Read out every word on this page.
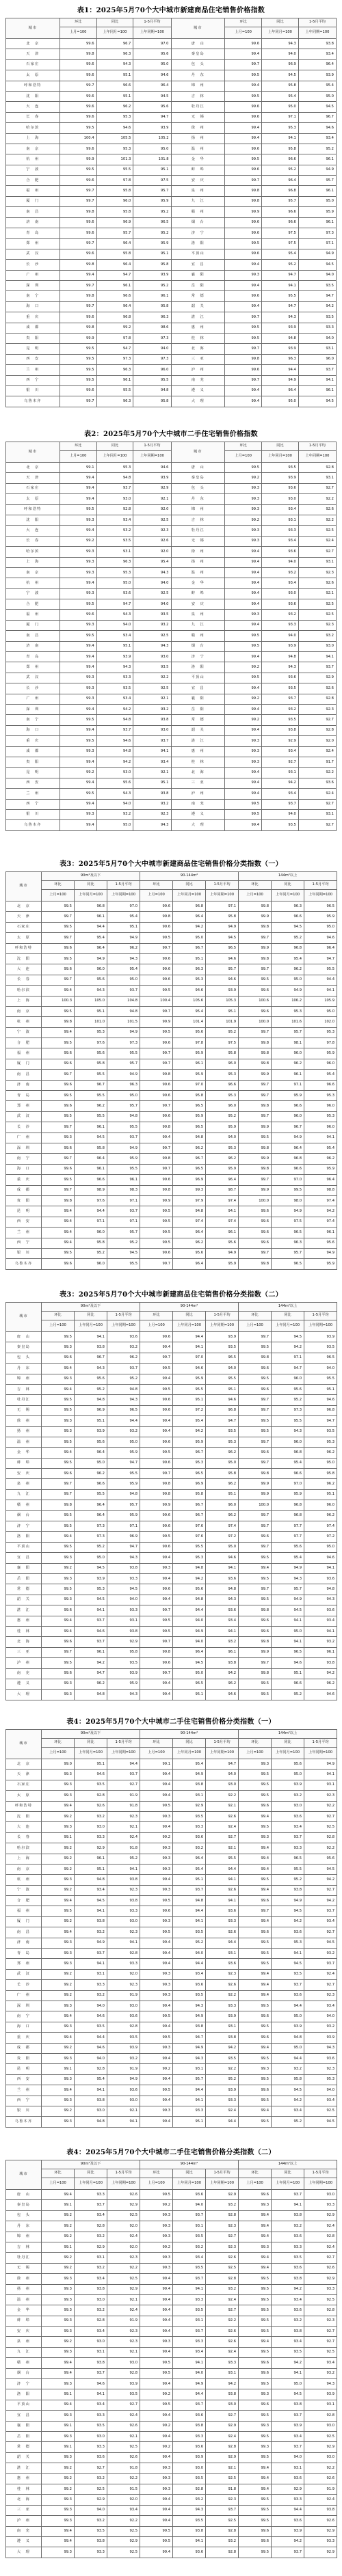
表1：2025年5月70个大中城市新建商品住宅销售价格指数
城市	环比	同比	1-5月平均	城市	环比	同比	1-5月平均
	上月=100	上年同月=100	上年同期=100		上月=100	上年同月=100	上年同期=100
北　京	99.6	96.7	97.0	唐　山	99.6	94.3	93.8
天　津	99.8	96.3	95.6	秦皇岛	99.4	94.0	93.4
石家庄	99.6	94.3	95.0	包　头	99.7	96.9	96.4
太　原	99.6	95.1	94.6	丹　东	99.5	94.5	93.9
呼和浩特	99.7	96.6	96.4	锦　州	99.4	95.8	95.4
沈　阳	99.6	95.1	94.5	吉　林	99.5	95.4	95.0
大　连	99.6	96.2	95.6	牡丹江	99.6	95.0	94.5
长　春	99.6	95.3	94.7	无　锡	99.6	97.1	96.7
哈尔滨	99.5	94.6	93.9	徐　州	99.4	95.3	94.6
上　海	100.4	105.5	105.2	扬　州	99.4	94.1	93.4
南　京	99.6	95.3	95.0	温　州	99.6	95.8	95.2
杭　州	99.9	101.3	101.8	金　华	99.5	96.6	96.1
宁　波	99.5	95.5	95.1	蚌　埠	99.6	95.2	94.9
合　肥	99.6	97.8	97.5	安　庆	99.7	96.4	95.7
福　州	99.7	95.8	95.7	泉　州	99.8	96.8	96.1
厦　门	99.7	96.0	95.9	九　江	99.8	95.7	95.0
南　昌	99.8	95.8	95.2	赣　州	99.9	96.6	95.9
济　南	99.6	96.9	96.5	烟　台	99.6	96.6	96.1
青　岛	99.6	95.7	95.2	济　宁	99.6	97.5	97.3
郑　州	99.7	96.4	95.9	洛　阳	99.5	97.5	97.1
武　汉	99.6	95.8	95.1	平顶山	99.6	95.4	94.9
长　沙	99.8	96.4	95.8	宜　昌	99.4	95.2	94.5
广　州	99.4	94.7	93.9	襄　阳	99.3	94.7	94.0
深　圳	99.7	96.1	95.2	岳　阳	99.4	94.1	93.5
南　宁	99.8	96.6	96.1	常　德	99.6	95.5	94.7
海　口	99.7	96.4	95.8	韶　关	99.4	94.7	94.2
重　庆	99.6	96.8	96.3	湛　江	99.7	94.3	93.5
成　都	99.8	99.2	98.6	惠　州	99.5	93.9	93.3
贵　阳	99.9	97.8	97.3	桂　林	99.5	94.8	94.0
昆　明	99.5	94.7	94.0	北　海	99.7	93.9	93.1
西　安	99.5	97.3	97.3	三　亚	99.8	96.3	96.0
兰　州	99.5	96.3	96.0	泸　州	99.6	94.4	93.7
西　宁	99.5	96.1	95.5	南　充	99.7	94.9	94.1
银　川	99.6	95.5	94.8	遵　义	99.4	96.4	96.1
乌鲁木齐	99.7	96.3	95.8	大　理	99.4	95.0	94.5
表2：2025年5月70个大中城市二手住宅销售价格指数
城市	环比	同比	1-5月平均	城市	环比	同比	1-5月平均
	上月=100	上年同月=100	上年同期=100		上月=100	上年同月=100	上年同期=100
北　京	99.1	95.3	94.6	唐　山	99.5	93.5	92.8
天　津	99.4	94.8	93.9	秦皇岛	99.2	93.9	93.1
石家庄	99.4	93.7	92.9	包　头	99.3	93.6	92.7
太　原	99.4	93.0	92.1	丹　东	99.3	93.0	92.2
呼和浩特	99.5	92.8	92.0	锦　州	99.3	93.4	92.6
沈　阳	99.3	93.4	92.5	吉　林	99.2	93.1	92.2
大　连	99.4	93.2	92.3	牡丹江	99.3	93.3	92.5
长　春	99.2	93.5	92.6	无　锡	99.3	93.4	92.4
哈尔滨	99.3	93.1	92.0	徐　州	99.4	93.6	92.7
上　海	99.3	96.3	95.4	扬　州	99.4	94.0	93.1
南　京	99.3	95.3	94.3	温　州	99.4	93.2	92.3
杭　州	99.4	95.0	94.0	金　华	99.4	93.4	92.6
宁　波	99.3	93.6	92.5	蚌　埠	99.4	93.0	92.1
合　肥	99.5	94.7	94.0	安　庆	99.4	93.6	92.5
福　州	99.6	94.3	93.5	泉　州	99.3	93.2	92.5
厦　门	99.3	94.0	93.2	九　江	99.4	93.3	92.3
南　昌	99.5	93.4	92.5	赣　州	99.5	94.0	93.2
济　南	99.4	95.1	94.3	烟　台	99.5	93.9	93.0
青　岛	99.4	93.9	93.0	济　宁	99.4	94.8	94.1
郑　州	99.4	94.3	93.5	洛　阳	99.2	94.3	93.7
武　汉	99.3	93.3	92.2	平顶山	99.5	93.6	92.9
长　沙	99.3	93.5	92.5	宜　昌	99.4	93.5	92.6
广　州	99.3	93.4	92.1	襄　阳	99.2	93.7	92.8
深　圳	99.4	94.2	93.2	岳　阳	99.4	93.2	92.3
南　宁	99.5	94.8	93.8	常　德	99.2	93.5	92.7
海　口	99.4	93.7	93.0	韶　关	99.4	93.8	92.8
重　庆	99.5	94.6	93.7	湛　江	99.3	92.9	92.0
成　都	99.3	94.8	94.1	惠　州	99.3	93.4	92.4
贵　阳	99.4	94.2	93.4	桂　林	99.3	92.7	91.7
昆　明	99.2	93.0	92.1	北　海	99.4	93.1	92.2
西　安	99.4	95.6	95.1	三　亚	99.4	94.2	93.6
兰　州	99.5	94.3	93.8	泸　州	99.4	93.4	92.4
西　宁	99.4	94.0	93.2	南　充	99.5	93.7	92.7
银　川	99.3	93.2	92.3	遵　义	99.5	94.0	93.1
乌鲁木齐	99.4	95.0	94.3	大　理	99.4	93.5	92.7
表3：2025年5月70个大中城市新建商品住宅销售价格分类指数（一）
城市	90m²及以下			90-144m²			144m²以上		
	环比	同比	1-5月平均	环比	同比	1-5月平均	环比	同比	1-5月平均
	上月=100	上年同月=100	上年同期=100	上月=100	上年同月=100	上年同期=100	上月=100	上年同月=100	上年同期=100
北　京	99.5	96.8	97.0	99.6	96.8	97.1	99.8	96.3	96.5
天　津	99.7	96.1	95.4	99.8	96.4	95.8	99.9	96.6	95.9
石家庄	99.5	94.4	95.1	99.6	94.2	94.9	99.8	94.5	95.0
太　原	99.7	95.4	94.9	99.5	95.0	94.5	99.7	95.2	94.6
呼和浩特	99.6	96.4	96.2	99.7	96.7	96.5	99.9	96.8	96.4
沈　阳	99.5	94.9	94.3	99.6	95.1	94.6	99.8	95.4	94.7
大　连	99.6	96.0	95.4	99.6	96.3	95.7	99.7	96.2	95.5
长　春	99.7	95.6	95.0	99.6	95.3	94.6	99.5	95.0	94.4
哈尔滨	99.4	94.3	93.7	99.5	94.6	93.9	99.6	94.9	94.1
上　海	100.3	105.0	104.8	100.4	105.6	105.3	100.6	106.2	105.9
南　京	99.5	95.1	94.8	99.7	95.4	95.1	99.6	95.3	95.0
杭　州	99.8	101.0	101.5	99.9	101.4	101.9	100.0	101.6	102.0
宁　波	99.4	95.3	94.9	99.5	95.6	95.2	99.7	95.7	95.3
合　肥	99.5	97.6	97.3	99.6	97.8	97.5	99.8	98.1	97.8
福　州	99.6	95.6	95.5	99.7	95.9	95.8	99.8	96.0	95.9
厦　门	99.6	95.8	95.7	99.7	96.1	96.0	99.8	96.2	96.0
南　昌	99.7	95.5	94.9	99.8	95.9	95.3	99.9	96.1	95.4
济　南	99.6	96.7	96.3	99.6	97.0	96.6	99.7	97.1	96.6
青　岛	99.5	95.5	95.0	99.6	95.8	95.3	99.7	95.9	95.3
郑　州	99.6	96.2	95.7	99.7	96.5	96.0	99.8	96.6	96.0
武　汉	99.5	95.5	94.8	99.6	95.9	95.2	99.7	96.0	95.3
长　沙	99.7	96.1	95.5	99.8	96.5	95.9	99.9	96.7	96.0
广　州	99.3	94.5	93.7	99.4	94.8	94.0	99.5	94.9	94.1
深　圳	99.6	95.8	94.9	99.7	96.2	95.3	99.8	96.4	95.4
南　宁	99.7	96.4	95.9	99.8	96.7	96.2	99.9	96.8	96.2
海　口	99.6	96.1	95.5	99.7	96.5	95.9	99.8	96.6	95.9
重　庆	99.5	96.6	96.1	99.6	96.9	96.4	99.7	97.0	96.4
成　都	99.7	98.9	98.3	99.8	99.3	98.7	99.9	99.5	98.8
贵　阳	99.8	97.6	97.1	99.9	97.9	97.4	100.0	98.0	97.4
昆　明	99.4	94.4	93.7	99.5	94.8	94.1	99.6	94.9	94.2
西　安	99.4	97.1	97.1	99.5	97.4	97.4	99.6	97.5	97.4
兰　州	99.4	96.0	95.7	99.5	96.4	96.1	99.6	96.5	96.1
西　宁	99.4	95.8	95.2	99.5	96.2	95.6	99.6	96.3	95.6
银　川	99.5	95.2	94.5	99.6	95.6	94.9	99.7	95.7	94.9
乌鲁木齐	99.6	96.0	95.5	99.7	96.4	95.9	99.8	96.5	95.9
表3：2025年5月70个大中城市新建商品住宅销售价格分类指数（二）
城市	90m²及以下			90-144m²			144m²以上		
	环比	同比	1-5月平均	环比	同比	1-5月平均	环比	同比	1-5月平均
	上月=100	上年同月=100	上年同期=100	上月=100	上年同月=100	上年同期=100	上月=100	上年同月=100	上年同期=100
唐　山	99.5	94.1	93.6	99.6	94.4	93.9	99.7	94.5	93.9
秦皇岛	99.3	93.8	93.2	99.4	94.1	93.5	99.5	94.2	93.5
包　头	99.6	96.7	96.2	99.7	97.0	96.5	99.8	97.1	96.5
丹　东	99.4	94.3	93.7	99.5	94.6	94.0	99.6	94.7	94.0
锦　州	99.3	95.6	95.2	99.4	95.9	95.5	99.5	96.0	95.5
吉　林	99.4	95.2	94.8	99.5	95.5	95.1	99.6	95.6	95.1
牡丹江	99.5	94.8	94.3	99.6	95.1	94.6	99.7	95.2	94.6
无　锡	99.5	96.9	96.5	99.6	97.2	96.8	99.7	97.3	96.8
徐　州	99.3	95.1	94.4	99.4	95.4	94.7	99.5	95.5	94.7
扬　州	99.3	93.9	93.2	99.4	94.2	93.5	99.5	94.3	93.5
温　州	99.5	95.6	95.0	99.6	95.9	95.3	99.7	96.0	95.3
金　华	99.4	96.4	95.9	99.5	96.7	96.2	99.6	96.8	96.2
蚌　埠	99.5	95.0	94.7	99.6	95.3	95.0	99.7	95.4	95.0
安　庆	99.6	96.2	95.5	99.7	96.5	95.8	99.8	96.6	95.8
泉　州	99.7	96.6	95.9	99.8	96.9	96.2	99.9	97.0	96.2
九　江	99.7	95.5	94.8	99.8	95.8	95.1	99.9	95.9	95.1
赣　州	99.8	96.4	95.7	99.9	96.7	96.0	100.0	96.8	96.0
烟　台	99.5	96.4	95.9	99.6	96.7	96.2	99.7	96.8	96.2
济　宁	99.5	97.3	97.1	99.6	97.6	97.4	99.7	97.7	97.4
洛　阳	99.4	97.3	96.9	99.5	97.6	97.2	99.6	97.7	97.2
平顶山	99.5	95.2	94.7	99.6	95.5	95.0	99.7	95.6	95.0
宜　昌	99.3	95.0	94.3	99.4	95.3	94.6	99.5	95.4	94.6
襄　阳	99.2	94.5	93.8	99.3	94.8	94.1	99.4	94.9	94.1
岳　阳	99.3	93.9	93.3	99.4	94.2	93.6	99.5	94.3	93.6
常　德	99.5	95.3	94.5	99.6	95.6	94.8	99.7	95.7	94.8
韶　关	99.3	94.5	94.0	99.4	94.8	94.3	99.5	94.9	94.3
湛　江	99.6	94.1	93.3	99.7	94.4	93.6	99.8	94.5	93.6
惠　州	99.4	93.7	93.1	99.5	94.0	93.4	99.6	94.1	93.4
桂　林	99.4	94.6	93.8	99.5	94.9	94.1	99.6	95.0	94.1
北　海	99.6	93.7	92.9	99.7	94.0	93.2	99.8	94.1	93.2
三　亚	99.7	96.1	95.8	99.8	96.4	96.1	99.9	96.5	96.1
泸　州	99.5	94.2	93.5	99.6	94.5	93.8	99.7	94.6	93.8
南　充	99.6	94.7	93.9	99.7	95.0	94.2	99.8	95.1	94.2
遵　义	99.3	96.2	95.9	99.4	96.5	96.2	99.5	96.6	96.2
大　理	99.3	94.8	94.3	99.4	95.1	94.6	99.5	95.2	94.6
表4：2025年5月70个大中城市二手住宅销售价格分类指数（一）
城市	90m²及以下			90-144m²			144m²以上		
	环比	同比	1-5月平均	环比	同比	1-5月平均	环比	同比	1-5月平均
	上月=100	上年同月=100	上年同期=100	上月=100	上年同月=100	上年同期=100	上月=100	上年同月=100	上年同期=100
北　京	99.0	95.1	94.4	99.1	95.4	94.7	99.3	95.6	94.9
天　津	99.3	94.6	93.7	99.4	94.9	94.0	99.5	95.0	94.1
石家庄	99.3	93.5	92.7	99.4	93.8	93.0	99.5	93.9	93.1
太　原	99.3	92.8	91.9	99.4	93.1	92.2	99.5	93.2	92.3
呼和浩特	99.4	92.6	91.8	99.5	92.9	92.1	99.6	93.0	92.2
沈　阳	99.2	93.2	92.3	99.3	93.5	92.6	99.4	93.6	92.7
大　连	99.3	93.0	92.1	99.4	93.3	92.4	99.5	93.4	92.5
长　春	99.1	93.3	92.4	99.2	93.6	92.7	99.3	93.7	92.8
哈尔滨	99.2	92.9	91.8	99.3	93.2	92.1	99.4	93.3	92.2
上　海	99.2	96.1	95.2	99.3	96.4	95.5	99.4	96.5	95.6
南　京	99.2	95.1	94.1	99.3	95.4	94.4	99.4	95.5	94.5
杭　州	99.3	94.8	93.8	99.4	95.1	94.1	99.5	95.2	94.2
宁　波	99.2	93.4	92.3	99.3	93.7	92.6	99.4	93.8	92.7
合　肥	99.4	94.5	93.8	99.5	94.8	94.1	99.6	94.9	94.2
福　州	99.5	94.1	93.3	99.6	94.4	93.6	99.7	94.5	93.7
厦　门	99.2	93.8	93.0	99.3	94.1	93.3	99.4	94.2	93.4
南　昌	99.4	93.2	92.3	99.5	93.5	92.6	99.6	93.6	92.7
济　南	99.3	94.9	94.1	99.4	95.2	94.4	99.5	95.3	94.5
青　岛	99.3	93.7	92.8	99.4	94.0	93.1	99.5	94.1	93.2
郑　州	99.3	94.1	93.3	99.4	94.4	93.6	99.5	94.5	93.7
武　汉	99.2	93.1	92.0	99.3	93.4	92.3	99.4	93.5	92.4
长　沙	99.2	93.3	92.3	99.3	93.6	92.6	99.4	93.7	92.7
广　州	99.2	93.2	91.9	99.3	93.5	92.2	99.4	93.6	92.3
深　圳	99.3	94.0	93.0	99.4	94.3	93.3	99.5	94.4	93.4
南　宁	99.4	94.6	93.6	99.5	94.9	93.9	99.6	95.0	94.0
海　口	99.3	93.5	92.8	99.4	93.8	93.1	99.5	93.9	93.2
重　庆	99.4	94.4	93.5	99.5	94.7	93.8	99.6	94.8	93.9
成　都	99.2	94.6	93.9	99.3	94.9	94.2	99.4	95.0	94.3
贵　阳	99.3	94.0	93.2	99.4	94.3	93.5	99.5	94.4	93.6
昆　明	99.1	92.8	91.9	99.2	93.1	92.2	99.3	93.2	92.3
西　安	99.3	95.4	94.9	99.4	95.7	95.2	99.5	95.8	95.3
兰　州	99.4	94.1	93.6	99.5	94.4	93.9	99.6	94.5	94.0
西　宁	99.3	93.8	93.0	99.4	94.1	93.3	99.5	94.2	93.4
银　川	99.2	93.0	92.1	99.3	93.3	92.4	99.4	93.4	92.5
乌鲁木齐	99.3	94.8	94.1	99.4	95.1	94.4	99.5	95.2	94.5
表4：2025年5月70个大中城市二手住宅销售价格分类指数（二）
城市	90m²及以下			90-144m²			144m²以上		
	环比	同比	1-5月平均	环比	同比	1-5月平均	环比	同比	1-5月平均
	上月=100	上年同月=100	上年同期=100	上月=100	上年同月=100	上年同期=100	上月=100	上年同月=100	上年同期=100
唐　山	99.4	93.3	92.6	99.5	93.6	92.9	99.6	93.7	93.0
秦皇岛	99.1	93.7	92.9	99.2	94.0	93.2	99.3	94.1	93.3
包　头	99.2	93.4	92.5	99.3	93.7	92.8	99.4	93.8	92.9
丹　东	99.2	92.8	92.0	99.3	93.1	92.3	99.4	93.2	92.4
锦　州	99.2	93.2	92.4	99.3	93.5	92.7	99.4	93.6	92.8
吉　林	99.1	92.9	92.0	99.2	93.2	92.3	99.3	93.3	92.4
牡丹江	99.2	93.1	92.3	99.3	93.4	92.6	99.4	93.5	92.7
无　锡	99.2	93.2	92.2	99.3	93.5	92.5	99.4	93.6	92.6
徐　州	99.3	93.4	92.5	99.4	93.7	92.8	99.5	93.8	92.9
扬　州	99.3	93.8	92.9	99.4	94.1	93.2	99.5	94.2	93.3
温　州	99.3	93.0	92.1	99.4	93.3	92.4	99.5	93.4	92.5
金　华	99.3	93.2	92.4	99.4	93.5	92.7	99.5	93.6	92.8
蚌　埠	99.3	92.8	91.9	99.4	93.1	92.2	99.5	93.2	92.3
安　庆	99.3	93.4	92.3	99.4	93.7	92.6	99.5	93.8	92.7
泉　州	99.2	93.0	92.3	99.3	93.3	92.6	99.4	93.4	92.7
九　江	99.3	93.1	92.1	99.4	93.4	92.4	99.5	93.5	92.5
赣　州	99.4	93.8	93.0	99.5	94.1	93.3	99.6	94.2	93.4
烟　台	99.4	93.7	92.8	99.5	94.0	93.1	99.6	94.1	93.2
济　宁	99.3	94.6	93.9	99.4	94.9	94.2	99.5	95.0	94.3
洛　阳	99.1	94.1	93.5	99.2	94.4	93.8	99.3	94.5	93.9
平顶山	99.4	93.4	92.7	99.5	93.7	93.0	99.6	93.8	93.1
宜　昌	99.3	93.3	92.4	99.4	93.6	92.7	99.5	93.7	92.8
襄　阳	99.1	93.5	92.6	99.2	93.8	92.9	99.3	93.9	93.0
岳　阳	99.3	93.0	92.1	99.4	93.3	92.4	99.5	93.4	92.5
常　德	99.1	93.3	92.5	99.2	93.6	92.8	99.3	93.7	92.9
韶　关	99.3	93.6	92.6	99.4	93.9	92.9	99.5	94.0	93.0
湛　江	99.2	92.7	91.8	99.3	93.0	92.1	99.4	93.1	92.2
惠　州	99.2	93.2	92.2	99.3	93.5	92.5	99.4	93.6	92.6
桂　林	99.2	92.5	91.5	99.3	92.8	91.8	99.4	92.9	91.9
北　海	99.3	92.9	92.0	99.4	93.2	92.3	99.5	93.3	92.4
三　亚	99.3	94.0	93.4	99.4	94.3	93.7	99.5	94.4	93.8
泸　州	99.3	93.2	92.2	99.4	93.5	92.5	99.5	93.6	92.6
南　充	99.4	93.5	92.5	99.5	93.8	92.8	99.6	93.9	92.9
遵　义	99.4	93.8	92.9	99.5	94.1	93.2	99.6	94.2	93.3
大　理	99.3	93.3	92.5	99.4	93.6	92.8	99.5	93.7	92.9
